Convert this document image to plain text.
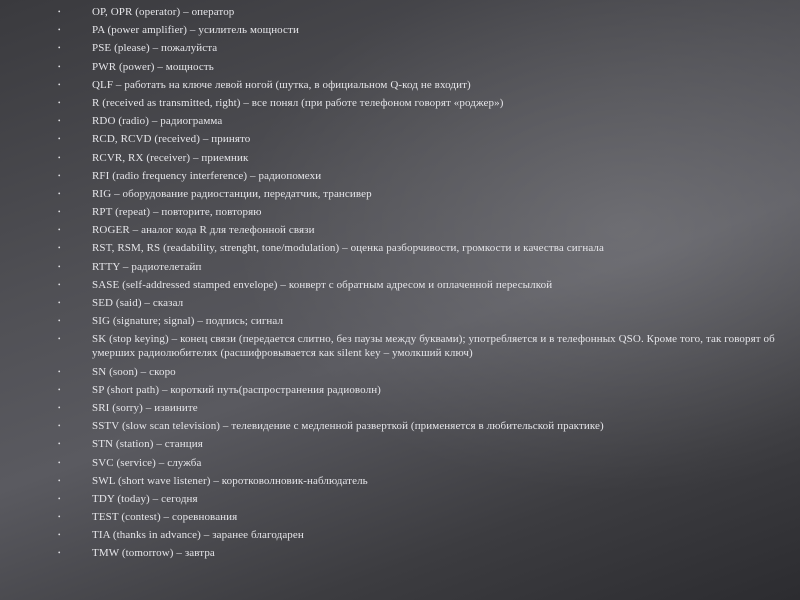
•	OP, OPR (operator) – оператор
•	PA (power amplifier) – усилитель мощности
•	PSE (please) – пожалуйста
•	PWR (power) – мощность
•	QLF – работать на ключе левой ногой (шутка, в официальном Q-код не входит)
•	R (received as transmitted, right) – все понял (при работе телефоном говорят «роджер»)
•	RDO (radio) – радиограмма
•	RCD, RCVD (received) – принято
•	RCVR, RX (receiver) – приемник
•	RFI (radio frequency interference) – радиопомехи
•	RIG – оборудование радиостанции, передатчик, трансивер
•	RPT (repeat) – повторите, повторяю
•	ROGER – аналог кода R для телефонной связи
•	RST, RSM, RS (readability, strenght, tone/modulation) – оценка разборчивости, громкости и качества сигнала
•	RTTY – радиотелетайп
•	SASE (self-addressed stamped envelope) – конверт с обратным адресом и оплаченной пересылкой
•	SED (said) – сказал
•	SIG (signature; signal) – подпись; сигнал
•	SK (stop keying) – конец связи (передается слитно, без паузы между буквами); употребляется и в телефонных QSO. Кроме того, так говорят об умерших радиолюбителях (расшифровывается как silent key – умолкший ключ)
•	SN (soon) – скоро
•	SP (short path) – короткий путь(распространения радиоволн)
•	SRI (sorry) – извините
•	SSTV (slow scan television) – телевидение с медленной разверткой (применяется в любительской практике)
•	STN (station) – станция
•	SVC (service) – служба
•	SWL (short wave listener) – коротковолновик-наблюдатель
•	TDY (today) – сегодня
•	TEST (contest) – соревнования
•	TIA (thanks in advance) – заранее благодарен
•	TMW (tomorrow) – завтра
